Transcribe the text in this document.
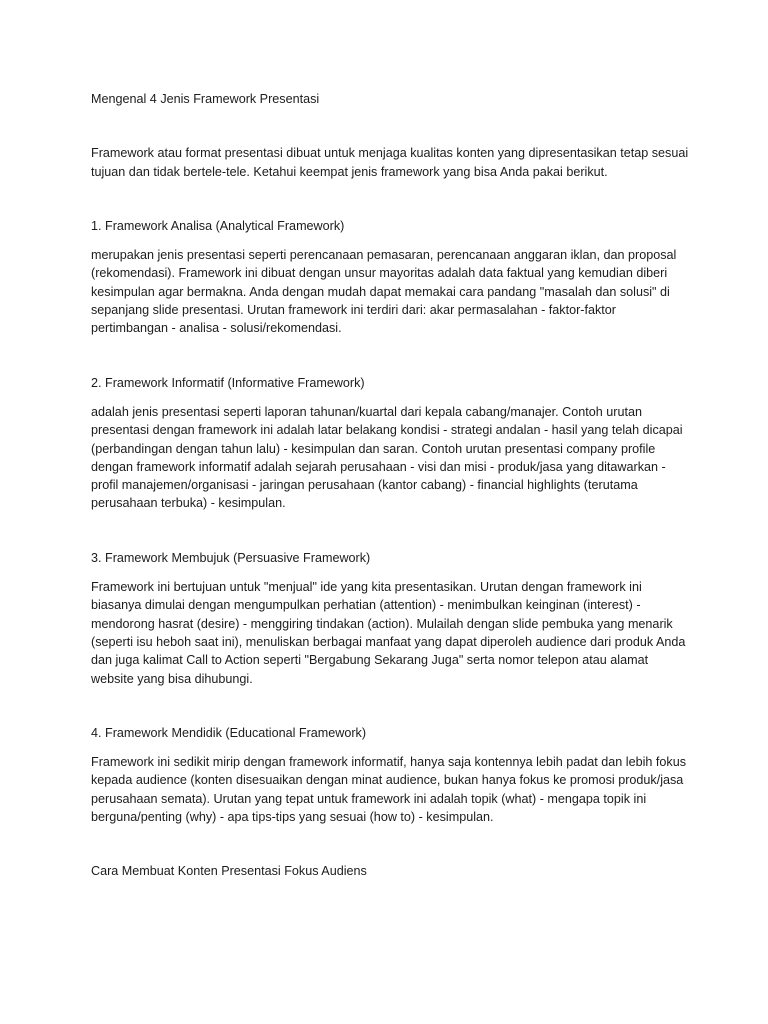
Mengenal 4 Jenis Framework Presentasi

Framework atau format presentasi dibuat untuk menjaga kualitas konten yang dipresentasikan tetap sesuai tujuan dan tidak bertele-tele. Ketahui keempat jenis framework yang bisa Anda pakai berikut.

1. Framework Analisa (Analytical Framework)

merupakan jenis presentasi seperti perencanaan pemasaran, perencanaan anggaran iklan, dan proposal (rekomendasi). Framework ini dibuat dengan unsur mayoritas adalah data faktual yang kemudian diberi kesimpulan agar bermakna. Anda dengan mudah dapat memakai cara pandang "masalah dan solusi" di sepanjang slide presentasi. Urutan framework ini terdiri dari: akar permasalahan - faktor-faktor pertimbangan - analisa - solusi/rekomendasi.

2. Framework Informatif (Informative Framework)

adalah jenis presentasi seperti laporan tahunan/kuartal dari kepala cabang/manajer. Contoh urutan presentasi dengan framework ini adalah latar belakang kondisi - strategi andalan - hasil yang telah dicapai (perbandingan dengan tahun lalu) - kesimpulan dan saran. Contoh urutan presentasi company profile dengan framework informatif adalah sejarah perusahaan - visi dan misi - produk/jasa yang ditawarkan - profil manajemen/organisasi - jaringan perusahaan (kantor cabang) - financial highlights (terutama perusahaan terbuka) - kesimpulan.

3. Framework Membujuk (Persuasive Framework)

Framework ini bertujuan untuk "menjual" ide yang kita presentasikan. Urutan dengan framework ini biasanya dimulai dengan mengumpulkan perhatian (attention) - menimbulkan keinginan (interest) - mendorong hasrat (desire) - menggiring tindakan (action). Mulailah dengan slide pembuka yang menarik (seperti isu heboh saat ini), menuliskan berbagai manfaat yang dapat diperoleh audience dari produk Anda dan juga kalimat Call to Action seperti "Bergabung Sekarang Juga" serta nomor telepon atau alamat website yang bisa dihubungi.

4. Framework Mendidik (Educational Framework)

Framework ini sedikit mirip dengan framework informatif, hanya saja kontennya lebih padat dan lebih fokus kepada audience (konten disesuaikan dengan minat audience, bukan hanya fokus ke promosi produk/jasa perusahaan semata). Urutan yang tepat untuk framework ini adalah topik (what) - mengapa topik ini berguna/penting (why) - apa tips-tips yang sesuai (how to) - kesimpulan.

Cara Membuat Konten Presentasi Fokus Audiens
